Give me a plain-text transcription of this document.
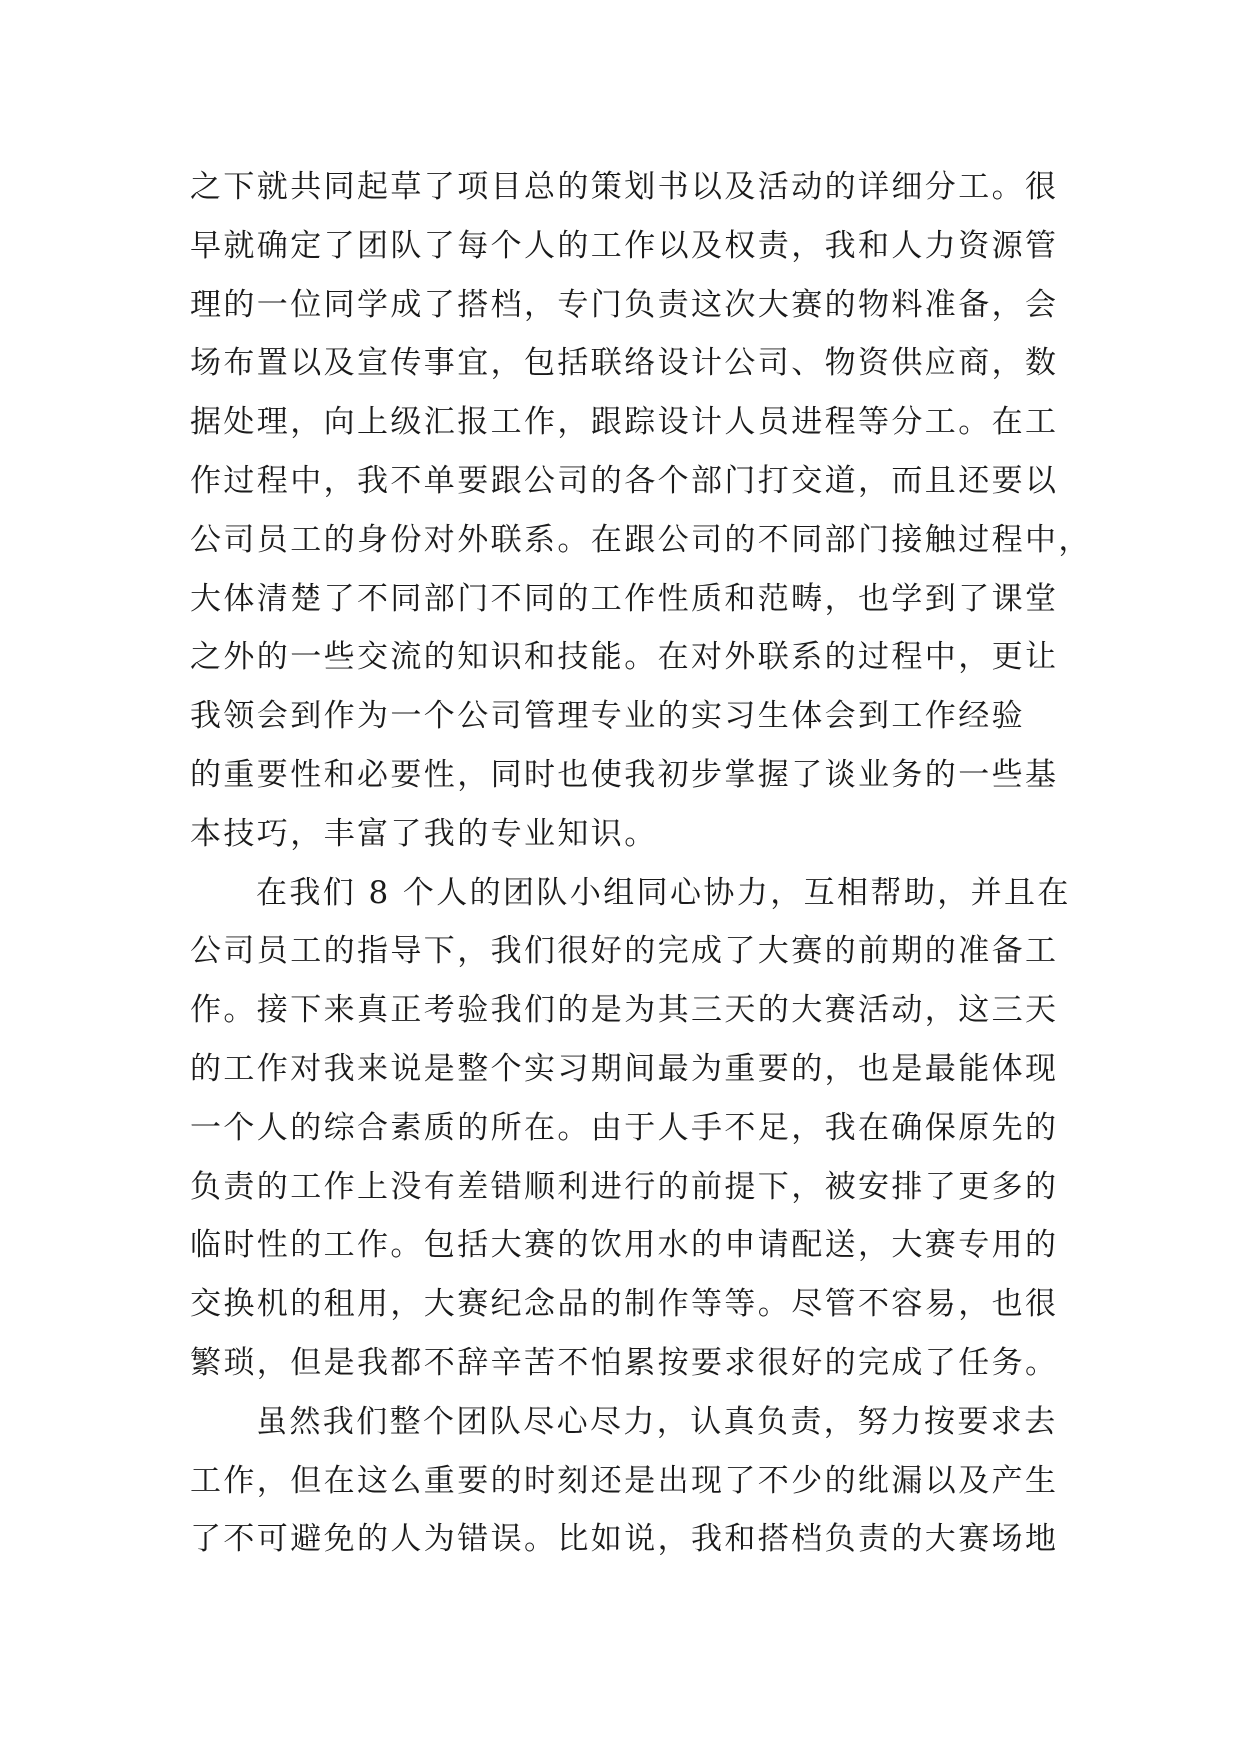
之下就共同起草了项目总的策划书以及活动的详细分工。很
早就确定了团队了每个人的工作以及权责，我和人力资源管
理的一位同学成了搭档，专门负责这次大赛的物料准备，会
场布置以及宣传事宜，包括联络设计公司、物资供应商，数
据处理，向上级汇报工作，跟踪设计人员进程等分工。在工
作过程中，我不单要跟公司的各个部门打交道，而且还要以
公司员工的身份对外联系。在跟公司的不同部门接触过程中，
大体清楚了不同部门不同的工作性质和范畴，也学到了课堂
之外的一些交流的知识和技能。在对外联系的过程中，更让
我领会到作为一个公司管理专业的实习生体会到工作经验
的重要性和必要性，同时也使我初步掌握了谈业务的一些基
本技巧，丰富了我的专业知识。
在我们 8 个人的团队小组同心协力，互相帮助，并且在
公司员工的指导下，我们很好的完成了大赛的前期的准备工
作。接下来真正考验我们的是为其三天的大赛活动，这三天
的工作对我来说是整个实习期间最为重要的，也是最能体现
一个人的综合素质的所在。由于人手不足，我在确保原先的
负责的工作上没有差错顺利进行的前提下，被安排了更多的
临时性的工作。包括大赛的饮用水的申请配送，大赛专用的
交换机的租用，大赛纪念品的制作等等。尽管不容易，也很
繁琐，但是我都不辞辛苦不怕累按要求很好的完成了任务。
虽然我们整个团队尽心尽力，认真负责，努力按要求去
工作，但在这么重要的时刻还是出现了不少的纰漏以及产生
了不可避免的人为错误。比如说，我和搭档负责的大赛场地
